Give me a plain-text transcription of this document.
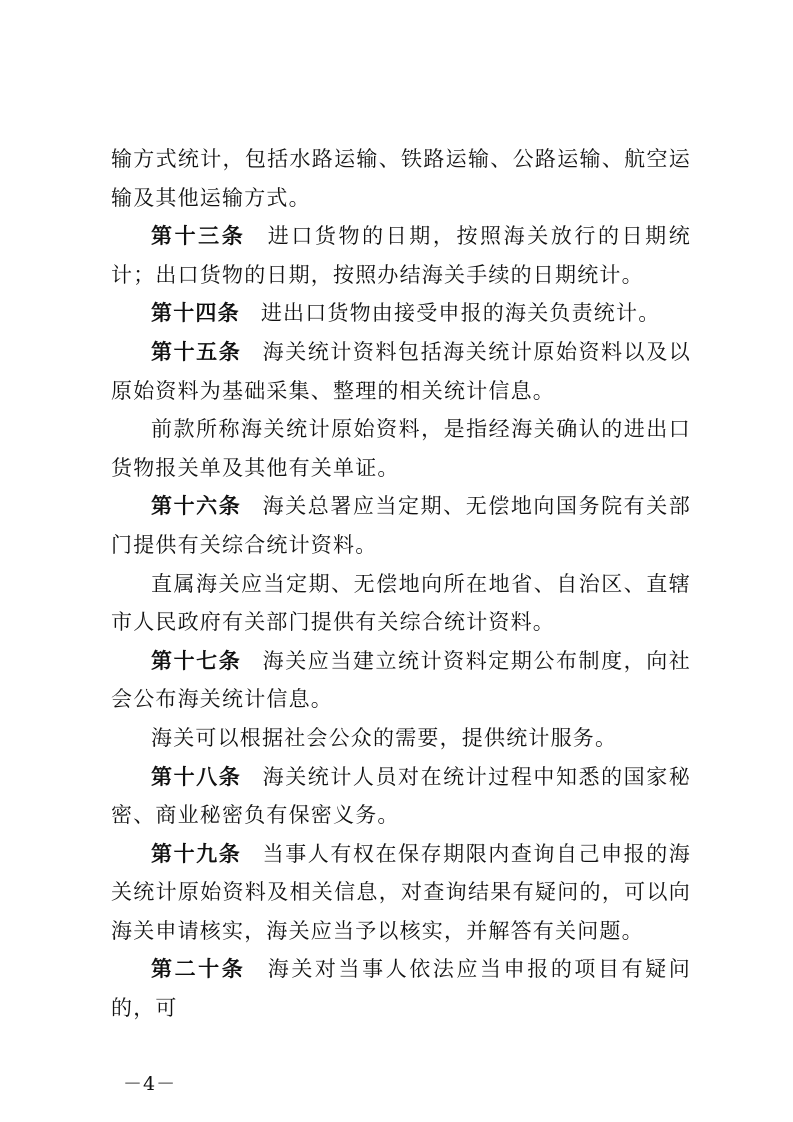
输方式统计，包括水路运输、铁路运输、公路运输、航空运输及其他运输方式。

第十三条 进口货物的日期，按照海关放行的日期统计；出口货物的日期，按照办结海关手续的日期统计。

第十四条 进出口货物由接受申报的海关负责统计。

第十五条 海关统计资料包括海关统计原始资料以及以原始资料为基础采集、整理的相关统计信息。

前款所称海关统计原始资料，是指经海关确认的进出口货物报关单及其他有关单证。

第十六条 海关总署应当定期、无偿地向国务院有关部门提供有关综合统计资料。

直属海关应当定期、无偿地向所在地省、自治区、直辖市人民政府有关部门提供有关综合统计资料。

第十七条 海关应当建立统计资料定期公布制度，向社会公布海关统计信息。

海关可以根据社会公众的需要，提供统计服务。

第十八条 海关统计人员对在统计过程中知悉的国家秘密、商业秘密负有保密义务。

第十九条 当事人有权在保存期限内查询自己申报的海关统计原始资料及相关信息，对查询结果有疑问的，可以向海关申请核实，海关应当予以核实，并解答有关问题。

第二十条 海关对当事人依法应当申报的项目有疑问的，可

－4－
